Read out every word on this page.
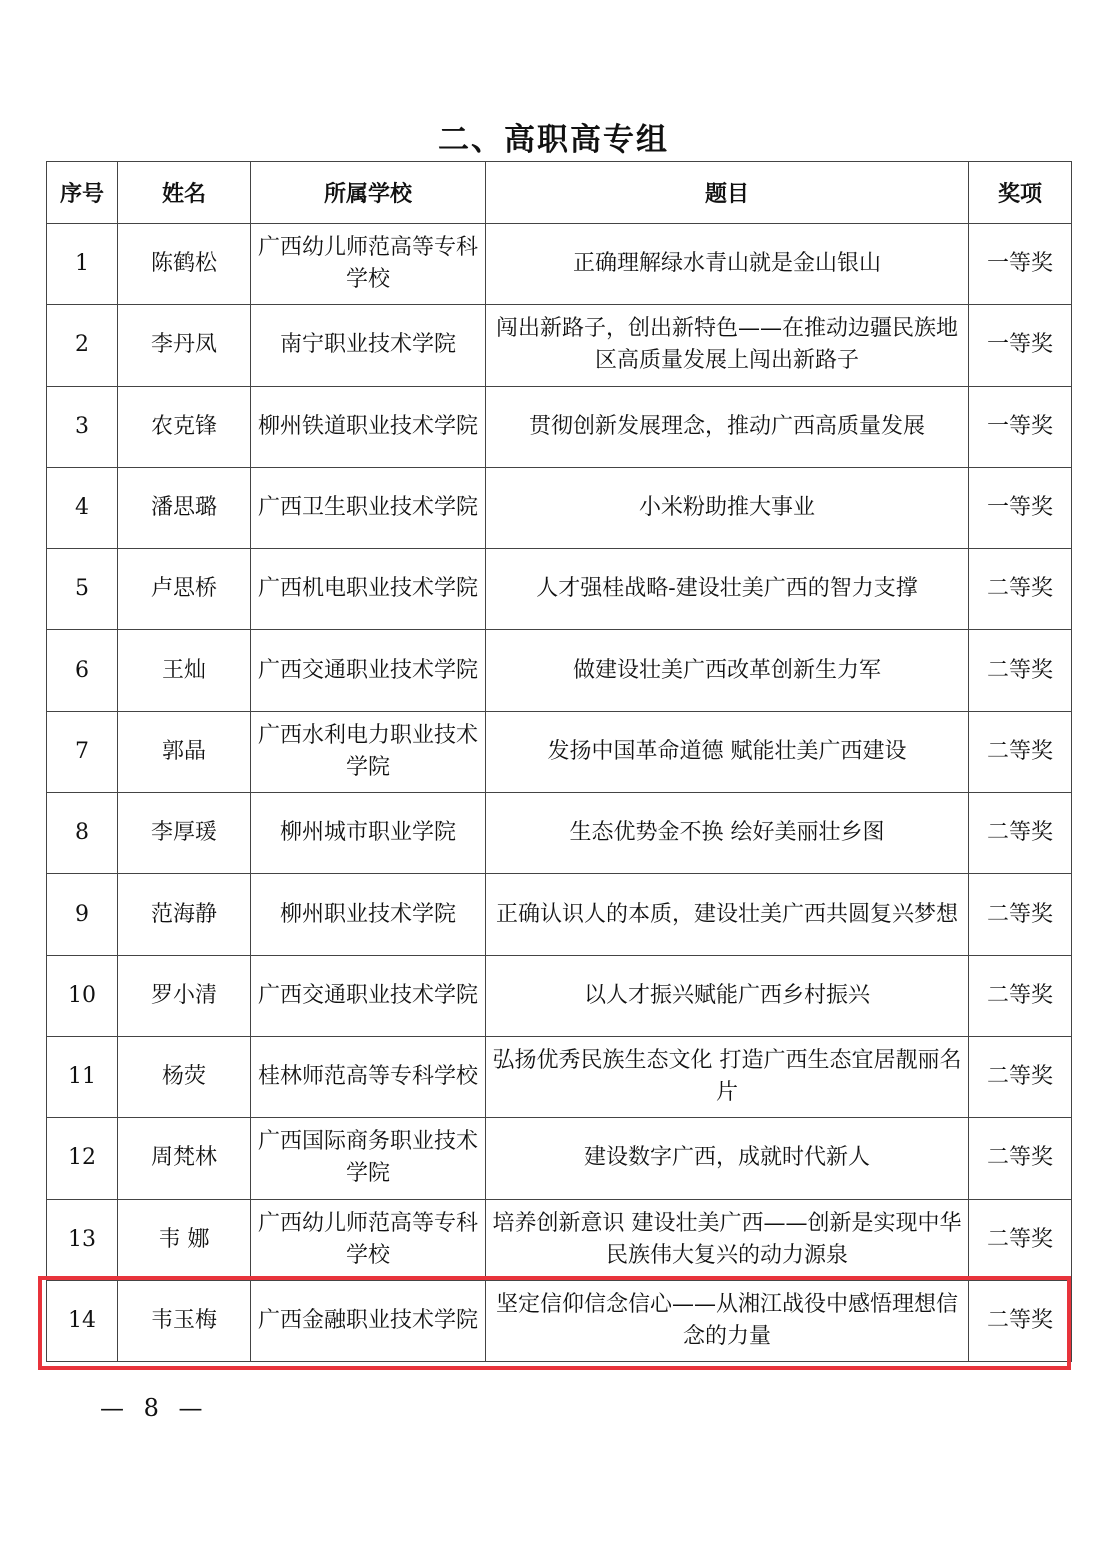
二、高职高专组
序号	姓名	所属学校	题目	奖项
1	陈鹤松	广西幼儿师范高等专科学校	正确理解绿水青山就是金山银山	一等奖
2	李丹凤	南宁职业技术学院	闯出新路子，创出新特色——在推动边疆民族地区高质量发展上闯出新路子	一等奖
3	农克锋	柳州铁道职业技术学院	贯彻创新发展理念，推动广西高质量发展	一等奖
4	潘思璐	广西卫生职业技术学院	小米粉助推大事业	一等奖
5	卢思桥	广西机电职业技术学院	人才强桂战略-建设壮美广西的智力支撑	二等奖
6	王灿	广西交通职业技术学院	做建设壮美广西改革创新生力军	二等奖
7	郭晶	广西水利电力职业技术学院	发扬中国革命道德 赋能壮美广西建设	二等奖
8	李厚瑗	柳州城市职业学院	生态优势金不换 绘好美丽壮乡图	二等奖
9	范海静	柳州职业技术学院	正确认识人的本质，建设壮美广西共圆复兴梦想	二等奖
10	罗小清	广西交通职业技术学院	以人才振兴赋能广西乡村振兴	二等奖
11	杨荧	桂林师范高等专科学校	弘扬优秀民族生态文化 打造广西生态宜居靓丽名片	二等奖
12	周梵林	广西国际商务职业技术学院	建设数字广西，成就时代新人	二等奖
13	韦 娜	广西幼儿师范高等专科学校	培养创新意识 建设壮美广西——创新是实现中华民族伟大复兴的动力源泉	二等奖
14	韦玉梅	广西金融职业技术学院	坚定信仰信念信心——从湘江战役中感悟理想信念的力量	二等奖
— 8 —
